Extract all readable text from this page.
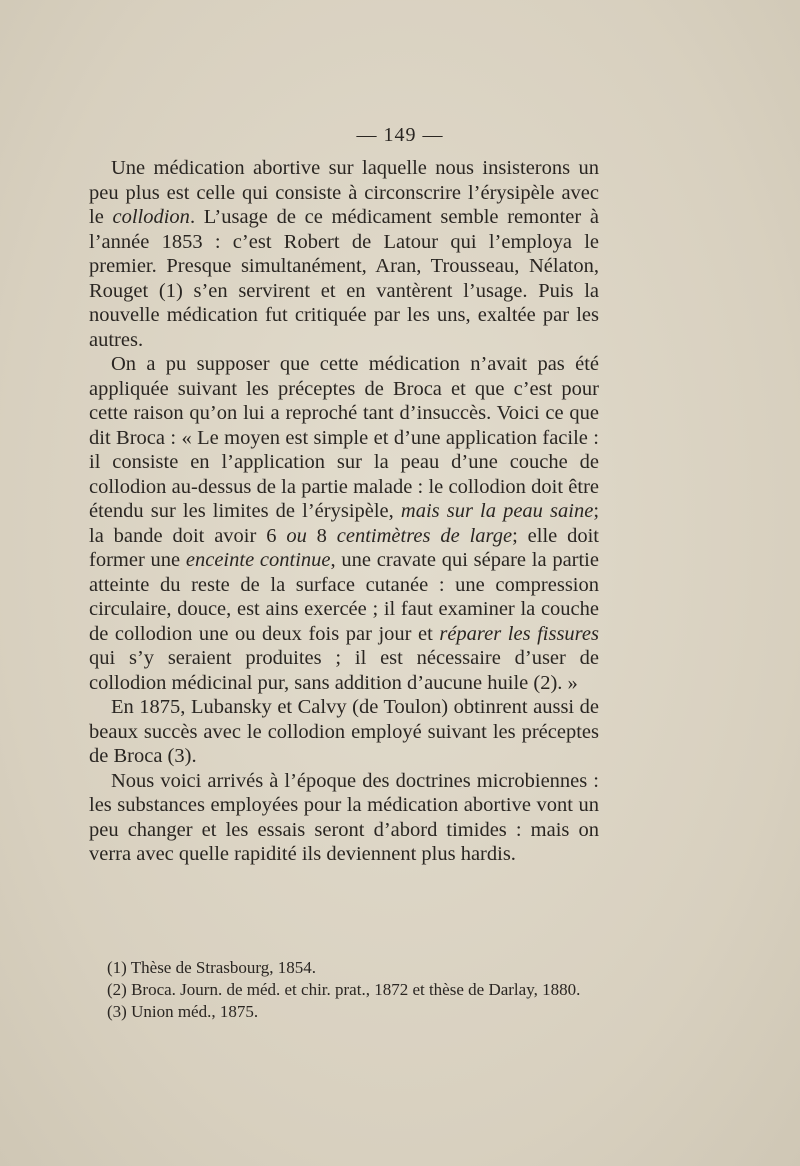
— 149 —

Une médication abortive sur laquelle nous insisterons un peu plus est celle qui consiste à circonscrire l’érysipèle avec le collodion. L’usage de ce médicament semble remonter à l’année 1853 : c’est Robert de Latour qui l’employa le premier. Presque simultanément, Aran, Trousseau, Nélaton, Rouget (1) s’en servirent et en vantèrent l’usage. Puis la nouvelle médication fut critiquée par les uns, exaltée par les autres.

On a pu supposer que cette médication n’avait pas été appliquée suivant les préceptes de Broca et que c’est pour cette raison qu’on lui a reproché tant d’insuccès. Voici ce que dit Broca : « Le moyen est simple et d’une application facile : il consiste en l’application sur la peau d’une couche de collodion au-dessus de la partie malade : le collodion doit être étendu sur les limites de l’érysipèle, mais sur la peau saine; la bande doit avoir 6 ou 8 centimètres de large; elle doit former une enceinte continue, une cravate qui sépare la partie atteinte du reste de la surface cutanée : une compression circulaire, douce, est ains exercée ; il faut examiner la couche de collodion une ou deux fois par jour et réparer les fissures qui s’y seraient produites ; il est nécessaire d’user de collodion médicinal pur, sans addition d’aucune huile (2). »

En 1875, Lubansky et Calvy (de Toulon) obtinrent aussi de beaux succès avec le collodion employé suivant les préceptes de Broca (3).

Nous voici arrivés à l’époque des doctrines microbiennes : les substances employées pour la médication abortive vont un peu changer et les essais seront d’abord timides : mais on verra avec quelle rapidité ils deviennent plus hardis.

(1) Thèse de Strasbourg, 1854.
(2) Broca. Journ. de méd. et chir. prat., 1872 et thèse de Darlay, 1880.
(3) Union méd., 1875.
